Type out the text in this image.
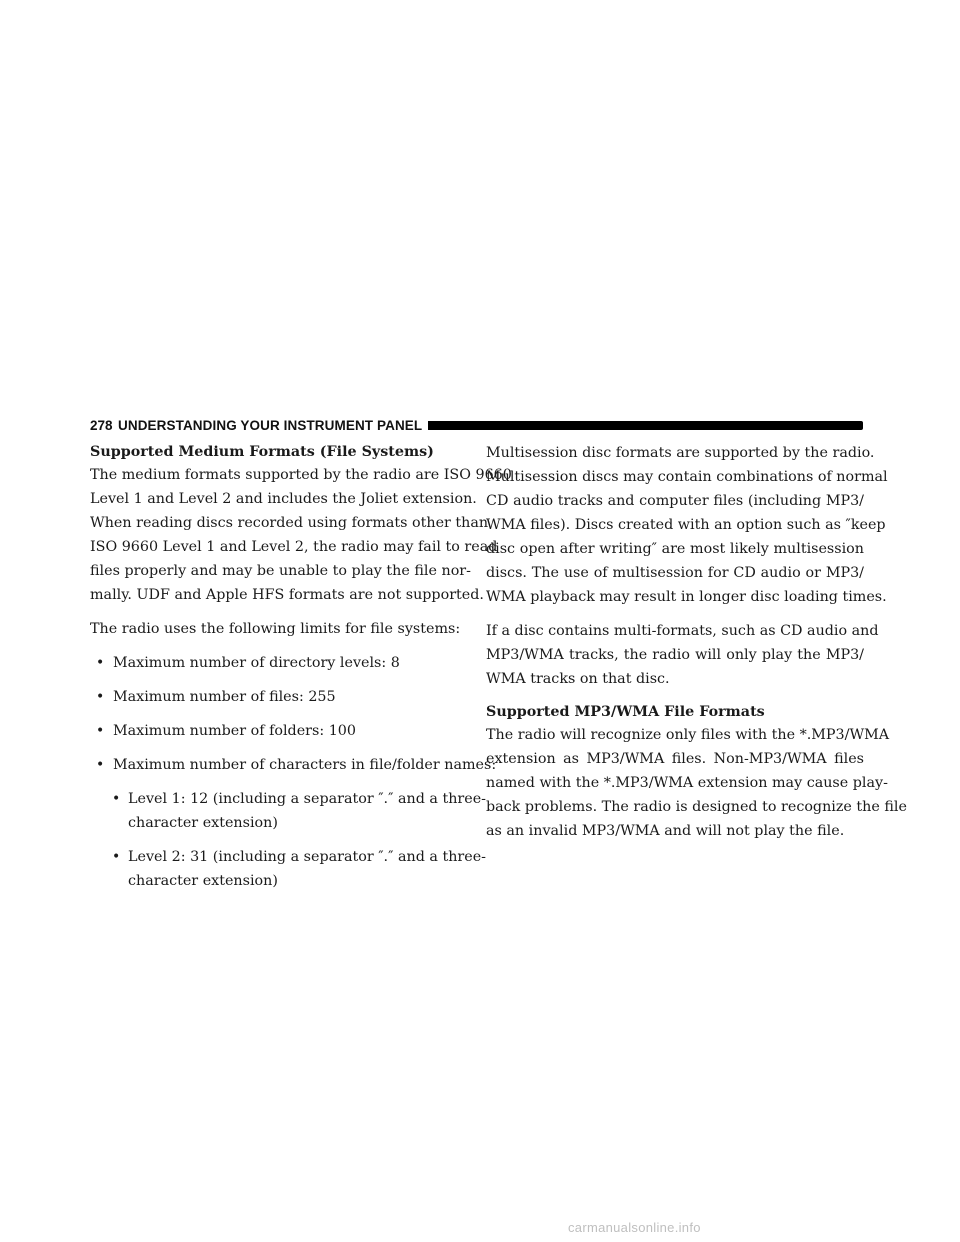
278 UNDERSTANDING YOUR INSTRUMENT PANEL
Supported Medium Formats (File Systems)
The medium formats supported by the radio are ISO 9660
Level 1 and Level 2 and includes the Joliet extension.
When reading discs recorded using formats other than
ISO 9660 Level 1 and Level 2, the radio may fail to read
files properly and may be unable to play the file nor-
mally. UDF and Apple HFS formats are not supported.
The radio uses the following limits for file systems:
• Maximum number of directory levels: 8
• Maximum number of files: 255
• Maximum number of folders: 100
• Maximum number of characters in file/folder names:
• Level 1: 12 (including a separator ″.″ and a three-
character extension)
• Level 2: 31 (including a separator ″.″ and a three-
character extension)
Multisession disc formats are supported by the radio.
Multisession discs may contain combinations of normal
CD audio tracks and computer files (including MP3/
WMA files). Discs created with an option such as ″keep
disc open after writing″ are most likely multisession
discs. The use of multisession for CD audio or MP3/
WMA playback may result in longer disc loading times.
If a disc contains multi-formats, such as CD audio and
MP3/WMA tracks, the radio will only play the MP3/
WMA tracks on that disc.
Supported MP3/WMA File Formats
The radio will recognize only files with the *.MP3/WMA
extension as MP3/WMA files. Non-MP3/WMA files
named with the *.MP3/WMA extension may cause play-
back problems. The radio is designed to recognize the file
as an invalid MP3/WMA and will not play the file.
carmanualsonline.info
